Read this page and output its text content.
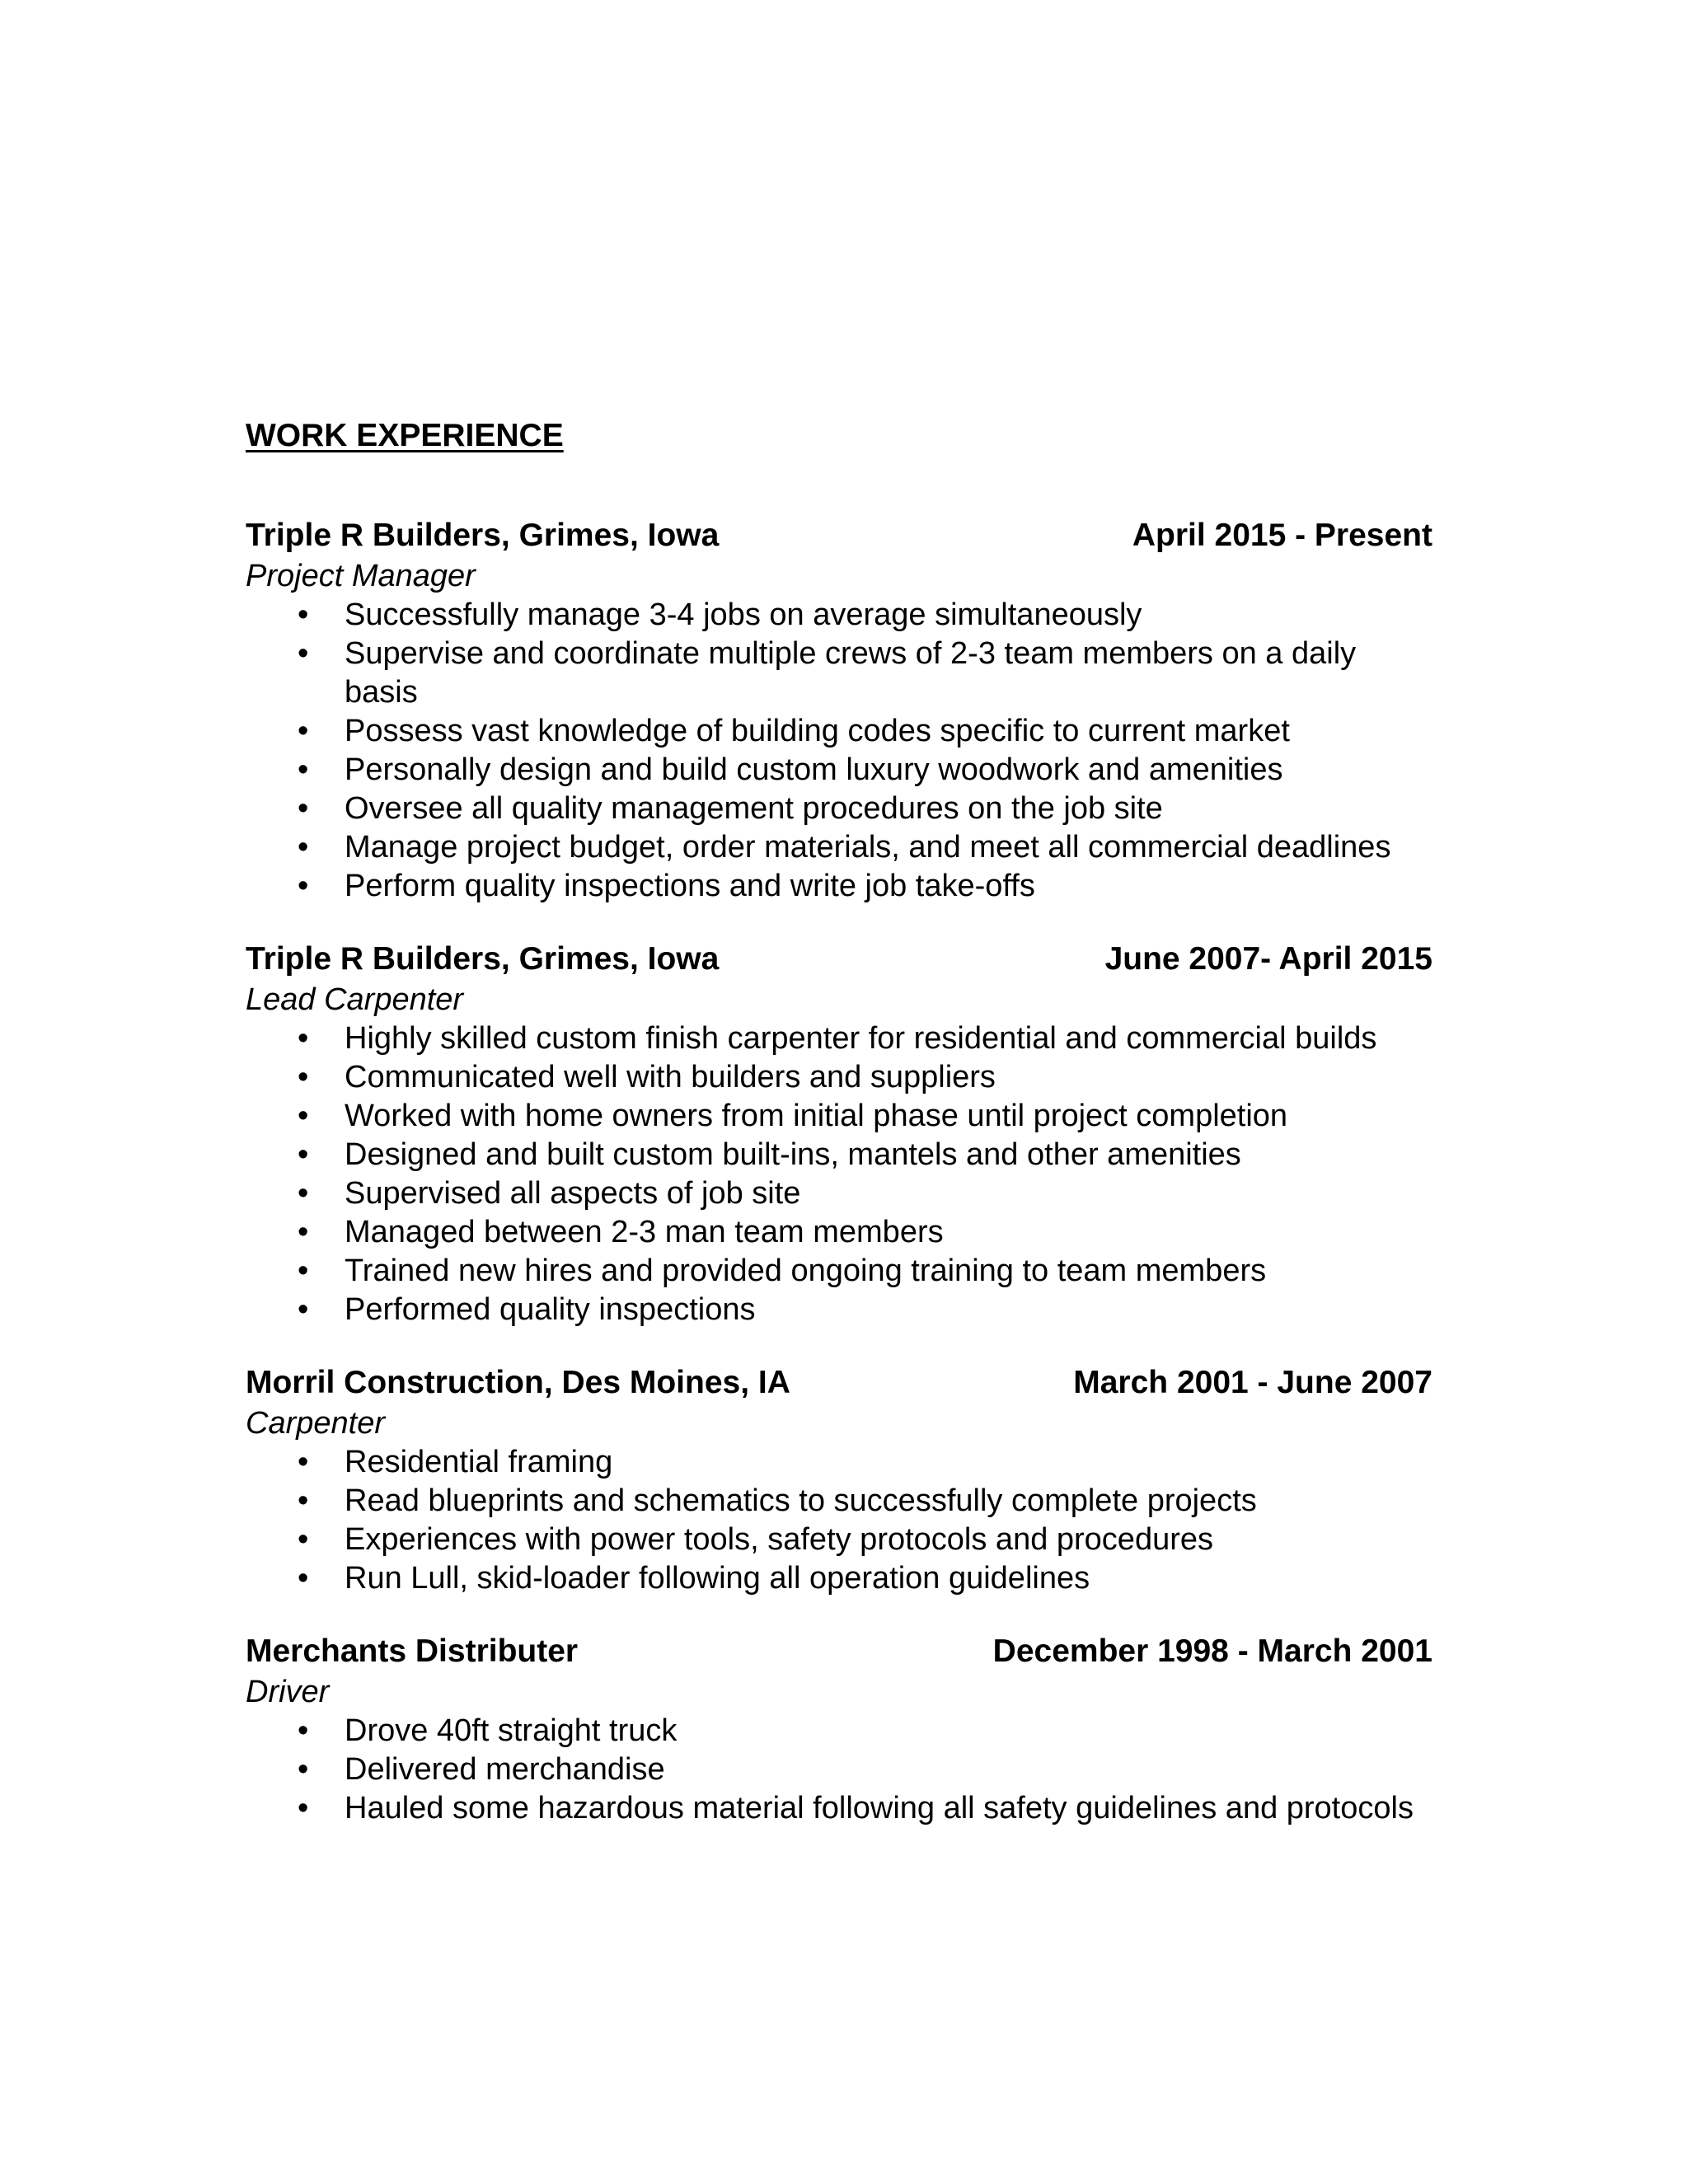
WORK EXPERIENCE
Triple R Builders, Grimes, Iowa	April 2015 - Present
Project Manager
• Successfully manage 3-4 jobs on average simultaneously
• Supervise and coordinate multiple crews of 2-3 team members on a daily basis
• Possess vast knowledge of building codes specific to current market
• Personally design and build custom luxury woodwork and amenities
• Oversee all quality management procedures on the job site
• Manage project budget, order materials, and meet all commercial deadlines
• Perform quality inspections and write job take-offs
Triple R Builders, Grimes, Iowa	June 2007- April 2015
Lead Carpenter
• Highly skilled custom finish carpenter for residential and commercial builds
• Communicated well with builders and suppliers
• Worked with home owners from initial phase until project completion
• Designed and built custom built-ins, mantels and other amenities
• Supervised all aspects of job site
• Managed between 2-3 man team members
• Trained new hires and provided ongoing training to team members
• Performed quality inspections
Morril Construction, Des Moines, IA	March 2001 - June 2007
Carpenter
• Residential framing
• Read blueprints and schematics to successfully complete projects
• Experiences with power tools, safety protocols and procedures
• Run Lull, skid-loader following all operation guidelines
Merchants Distributer	December 1998 - March 2001
Driver
• Drove 40ft straight truck
• Delivered merchandise
• Hauled some hazardous material following all safety guidelines and protocols
